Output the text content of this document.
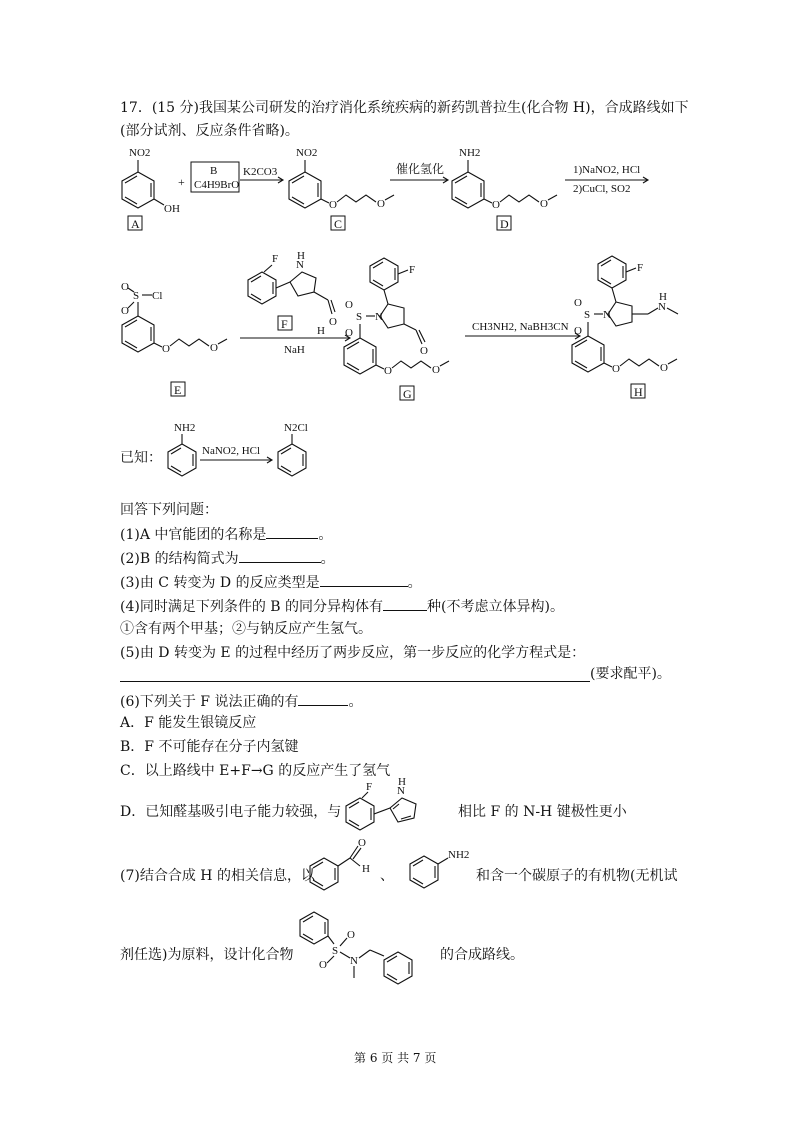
17．(15 分)我国某公司研发的治疗消化系统疾病的新药凯普拉生(化合物 H)，合成路线如下
(部分试剂、反应条件省略)。
NO2
OH
A
+
B
C4H9BrO
K2CO3
NO2
O	O
C
催化氢化
NH2
O	O
D
1)NaNO2, HCl
2)CuCl, SO2
S Cl
O
O
O	O
E
F N
H
O
H
F
NaH
F
N
O
S
O
O
O	O
G
CH3NH2, NaBH3CN
F
N
N
H
S
O
O
O	O
H
已知：
NH2
NaNO2, HCl
N2Cl
回答下列问题：
(1)A 中官能团的名称是	。
(2)B 的结构简式为	。
(3)由 C 转变为 D 的反应类型是	。
(4)同时满足下列条件的 B 的同分异构体有	种(不考虑立体异构)。
①含有两个甲基；②与钠反应产生氢气。
(5)由 D 转变为 E 的过程中经历了两步反应，第一步反应的化学方程式是：
(要求配平)。
(6)下列关于 F 说法正确的有	。
A．F 能发生银镜反应
B．F 不可能存在分子内氢键
C．以上路线中 E+F→G 的反应产生了氢气
D．已知醛基吸引电子能力较强，与
F N
H
相比 F 的 N-H 键极性更小
(7)结合合成 H 的相关信息，以
O
H 、
NH2
和含一个碳原子的有机物(无机试
剂任选)为原料，设计化合物	S
O
O N	的合成路线。
第 6 页 共 7 页
